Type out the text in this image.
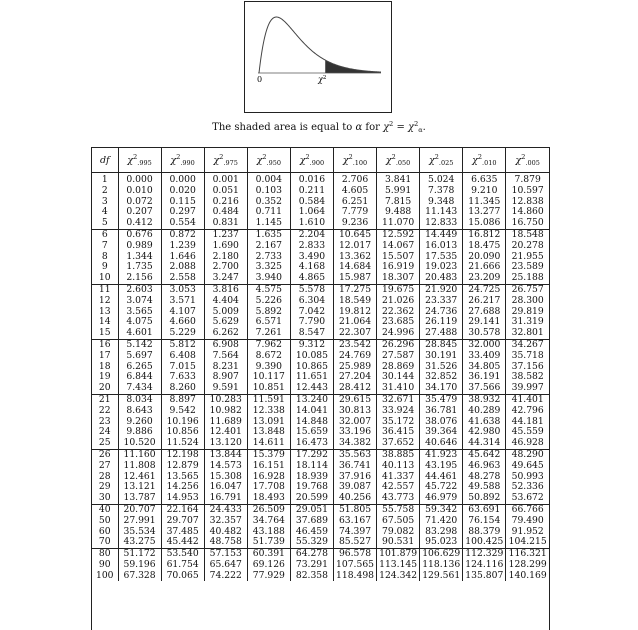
0	$\chi^2$
The shaded area is equal to α for $\chi^2 = \chi^2_\alpha$.
df	$\chi^2_{.995}$	$\chi^2_{.990}$	$\chi^2_{.975}$	$\chi^2_{.950}$	$\chi^2_{.900}$	$\chi^2_{.100}$	$\chi^2_{.050}$	$\chi^2_{.025}$	$\chi^2_{.010}$	$\chi^2_{.005}$
1	0.000	0.000	0.001	0.004	0.016	2.706	3.841	5.024	6.635	7.879
2	0.010	0.020	0.051	0.103	0.211	4.605	5.991	7.378	9.210	10.597
3	0.072	0.115	0.216	0.352	0.584	6.251	7.815	9.348	11.345	12.838
4	0.207	0.297	0.484	0.711	1.064	7.779	9.488	11.143	13.277	14.860
5	0.412	0.554	0.831	1.145	1.610	9.236	11.070	12.833	15.086	16.750
6	0.676	0.872	1.237	1.635	2.204	10.645	12.592	14.449	16.812	18.548
7	0.989	1.239	1.690	2.167	2.833	12.017	14.067	16.013	18.475	20.278
8	1.344	1.646	2.180	2.733	3.490	13.362	15.507	17.535	20.090	21.955
9	1.735	2.088	2.700	3.325	4.168	14.684	16.919	19.023	21.666	23.589
10	2.156	2.558	3.247	3.940	4.865	15.987	18.307	20.483	23.209	25.188
11	2.603	3.053	3.816	4.575	5.578	17.275	19.675	21.920	24.725	26.757
12	3.074	3.571	4.404	5.226	6.304	18.549	21.026	23.337	26.217	28.300
13	3.565	4.107	5.009	5.892	7.042	19.812	22.362	24.736	27.688	29.819
14	4.075	4.660	5.629	6.571	7.790	21.064	23.685	26.119	29.141	31.319
15	4.601	5.229	6.262	7.261	8.547	22.307	24.996	27.488	30.578	32.801
16	5.142	5.812	6.908	7.962	9.312	23.542	26.296	28.845	32.000	34.267
17	5.697	6.408	7.564	8.672	10.085	24.769	27.587	30.191	33.409	35.718
18	6.265	7.015	8.231	9.390	10.865	25.989	28.869	31.526	34.805	37.156
19	6.844	7.633	8.907	10.117	11.651	27.204	30.144	32.852	36.191	38.582
20	7.434	8.260	9.591	10.851	12.443	28.412	31.410	34.170	37.566	39.997
21	8.034	8.897	10.283	11.591	13.240	29.615	32.671	35.479	38.932	41.401
22	8.643	9.542	10.982	12.338	14.041	30.813	33.924	36.781	40.289	42.796
23	9.260	10.196	11.689	13.091	14.848	32.007	35.172	38.076	41.638	44.181
24	9.886	10.856	12.401	13.848	15.659	33.196	36.415	39.364	42.980	45.559
25	10.520	11.524	13.120	14.611	16.473	34.382	37.652	40.646	44.314	46.928
26	11.160	12.198	13.844	15.379	17.292	35.563	38.885	41.923	45.642	48.290
27	11.808	12.879	14.573	16.151	18.114	36.741	40.113	43.195	46.963	49.645
28	12.461	13.565	15.308	16.928	18.939	37.916	41.337	44.461	48.278	50.993
29	13.121	14.256	16.047	17.708	19.768	39.087	42.557	45.722	49.588	52.336
30	13.787	14.953	16.791	18.493	20.599	40.256	43.773	46.979	50.892	53.672
40	20.707	22.164	24.433	26.509	29.051	51.805	55.758	59.342	63.691	66.766
50	27.991	29.707	32.357	34.764	37.689	63.167	67.505	71.420	76.154	79.490
60	35.534	37.485	40.482	43.188	46.459	74.397	79.082	83.298	88.379	91.952
70	43.275	45.442	48.758	51.739	55.329	85.527	90.531	95.023	100.425	104.215
80	51.172	53.540	57.153	60.391	64.278	96.578	101.879	106.629	112.329	116.321
90	59.196	61.754	65.647	69.126	73.291	107.565	113.145	118.136	124.116	128.299
100	67.328	70.065	74.222	77.929	82.358	118.498	124.342	129.561	135.807	140.169
